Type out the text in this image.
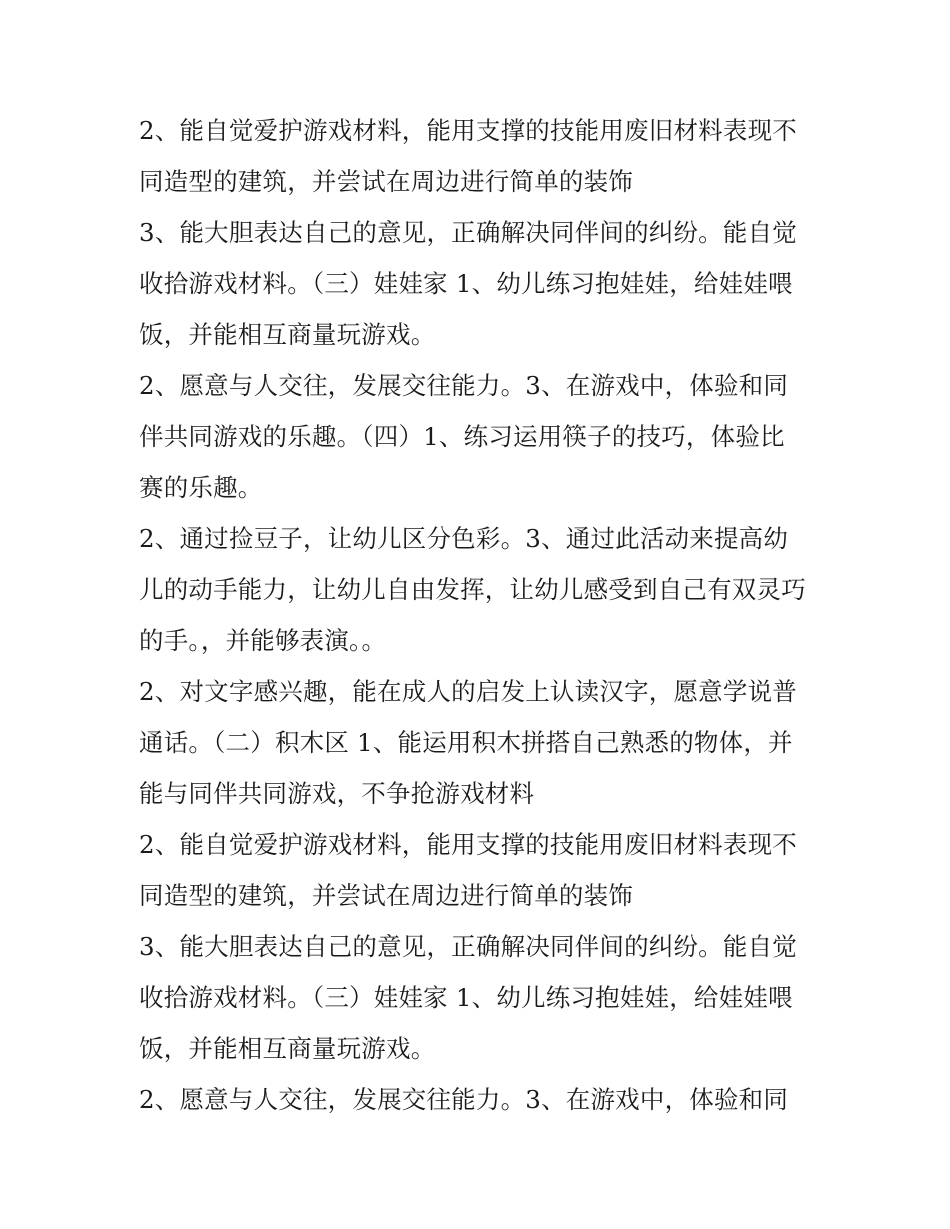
2、能自觉爱护游戏材料，能用支撑的技能用废旧材料表现不
同造型的建筑，并尝试在周边进行简单的装饰
3、能大胆表达自己的意见，正确解决同伴间的纠纷。能自觉
收拾游戏材料。（三）娃娃家 1、幼儿练习抱娃娃，给娃娃喂
饭，并能相互商量玩游戏。
2、愿意与人交往，发展交往能力。3、在游戏中，体验和同
伴共同游戏的乐趣。（四）1、练习运用筷子的技巧，体验比
赛的乐趣。
2、通过捡豆子，让幼儿区分色彩。3、通过此活动来提高幼
儿的动手能力，让幼儿自由发挥，让幼儿感受到自己有双灵巧
的手。，并能够表演。。
2、对文字感兴趣，能在成人的启发上认读汉字，愿意学说普
通话。（二）积木区 1、能运用积木拼搭自己熟悉的物体，并
能与同伴共同游戏，不争抢游戏材料
2、能自觉爱护游戏材料，能用支撑的技能用废旧材料表现不
同造型的建筑，并尝试在周边进行简单的装饰
3、能大胆表达自己的意见，正确解决同伴间的纠纷。能自觉
收拾游戏材料。（三）娃娃家 1、幼儿练习抱娃娃，给娃娃喂
饭，并能相互商量玩游戏。
2、愿意与人交往，发展交往能力。3、在游戏中，体验和同
